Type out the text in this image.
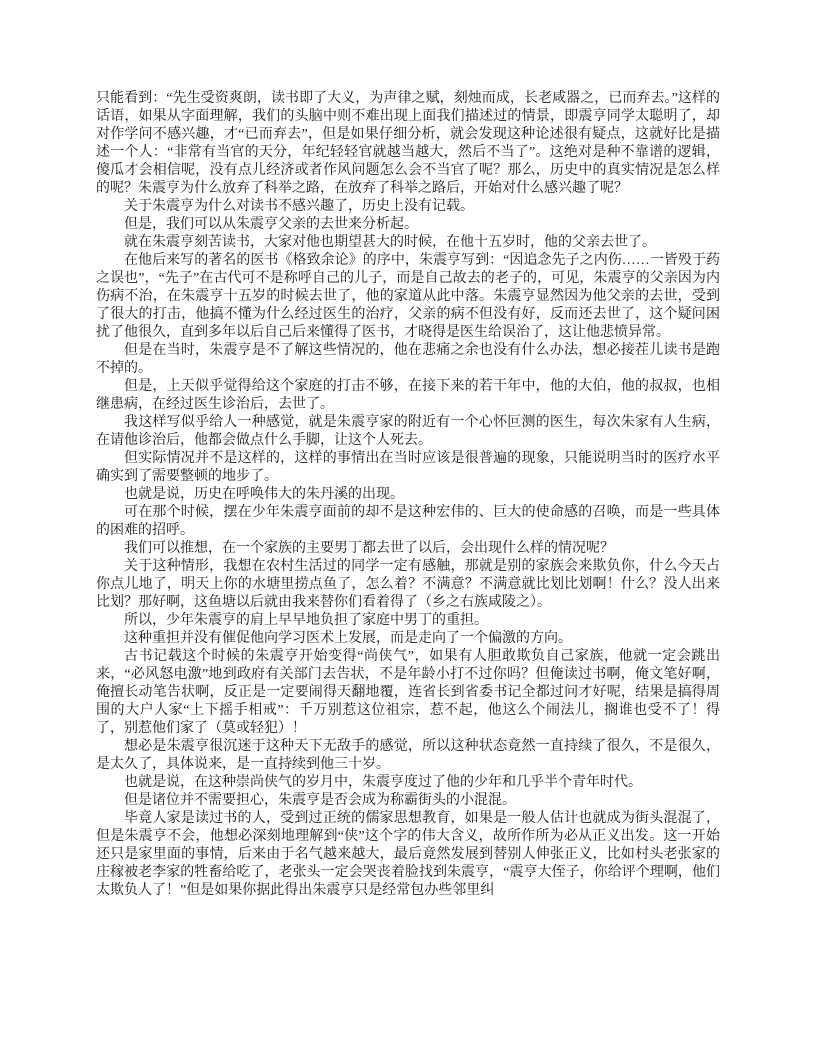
只能看到：“先生受资爽朗，读书即了大义，为声律之赋，刻烛而成，长老咸器之，已而弃去。”这样的话语，如果从字面理解，我们的头脑中则不难出现上面我们描述过的情景，即震亨同学太聪明了，却对作学问不感兴趣，才“已而弃去”，但是如果仔细分析，就会发现这种论述很有疑点，这就好比是描述一个人：“非常有当官的天分，年纪轻轻官就越当越大，然后不当了”。这绝对是种不靠谱的逻辑，傻瓜才会相信呢，没有点儿经济或者作风问题怎么会不当官了呢？那么，历史中的真实情况是怎么样的呢？朱震亨为什么放弃了科举之路，在放弃了科举之路后，开始对什么感兴趣了呢？

关于朱震亨为什么对读书不感兴趣了，历史上没有记载。

但是，我们可以从朱震亨父亲的去世来分析起。

就在朱震亨刻苦读书，大家对他也期望甚大的时候，在他十五岁时，他的父亲去世了。

在他后来写的著名的医书《格致余论》的序中，朱震亨写到：“因追念先子之内伤……一皆殁于药之误也”，“先子”在古代可不是称呼自己的儿子，而是自己故去的老子的，可见，朱震亨的父亲因为内伤病不治，在朱震亨十五岁的时候去世了，他的家道从此中落。朱震亨显然因为他父亲的去世，受到了很大的打击，他搞不懂为什么经过医生的治疗，父亲的病不但没有好，反而还去世了，这个疑问困扰了他很久，直到多年以后自己后来懂得了医书，才晓得是医生给误治了，这让他悲愤异常。

但是在当时，朱震亨是不了解这些情况的，他在悲痛之余也没有什么办法，想必接茬儿读书是跑不掉的。

但是，上天似乎觉得给这个家庭的打击不够，在接下来的若干年中，他的大伯，他的叔叔，也相继患病，在经过医生诊治后，去世了。

我这样写似乎给人一种感觉，就是朱震亨家的附近有一个心怀叵测的医生，每次朱家有人生病，在请他诊治后，他都会做点什么手脚，让这个人死去。

但实际情况并不是这样的，这样的事情出在当时应该是很普遍的现象，只能说明当时的医疗水平确实到了需要整顿的地步了。

也就是说，历史在呼唤伟大的朱丹溪的出现。

可在那个时候，摆在少年朱震亨面前的却不是这种宏伟的、巨大的使命感的召唤，而是一些具体的困难的招呼。

我们可以推想，在一个家族的主要男丁都去世了以后，会出现什么样的情况呢？

关于这种情形，我想在农村生活过的同学一定有感触，那就是别的家族会来欺负你，什么今天占你点儿地了，明天上你的水塘里捞点鱼了，怎么着？不满意？不满意就比划比划啊！什么？没人出来比划？那好啊，这鱼塘以后就由我来替你们看着得了（乡之右族咸陵之）。

所以，少年朱震亨的肩上早早地负担了家庭中男丁的重担。

这种重担并没有催促他向学习医术上发展，而是走向了一个偏激的方向。

古书记载这个时候的朱震亨开始变得“尚侠气”，如果有人胆敢欺负自己家族，他就一定会跳出来，“必风怒电激”地到政府有关部门去告状，不是年龄小打不过你吗？但俺读过书啊，俺文笔好啊，俺擅长动笔告状啊，反正是一定要闹得天翻地覆，连省长到省委书记全都过问才好呢，结果是搞得周围的大户人家“上下摇手相戒”：千万别惹这位祖宗，惹不起，他这么个闹法儿，搁谁也受不了！得了，别惹他们家了（莫或轻犯）！

想必是朱震亨很沉迷于这种天下无敌手的感觉，所以这种状态竟然一直持续了很久，不是很久，是太久了，具体说来，是一直持续到他三十岁。

也就是说，在这种崇尚侠气的岁月中，朱震亨度过了他的少年和几乎半个青年时代。

但是诸位并不需要担心，朱震亨是否会成为称霸街头的小混混。

毕竟人家是读过书的人，受到过正统的儒家思想教育，如果是一般人估计也就成为街头混混了，但是朱震亨不会，他想必深刻地理解到“侠”这个字的伟大含义，故所作所为必从正义出发。这一开始还只是家里面的事情，后来由于名气越来越大，最后竟然发展到替别人伸张正义，比如村头老张家的庄稼被老李家的牲畜给吃了，老张头一定会哭丧着脸找到朱震亨，“震亨大侄子，你给评个理啊，他们太欺负人了！”但是如果你据此得出朱震亨只是经常包办些邻里纠
